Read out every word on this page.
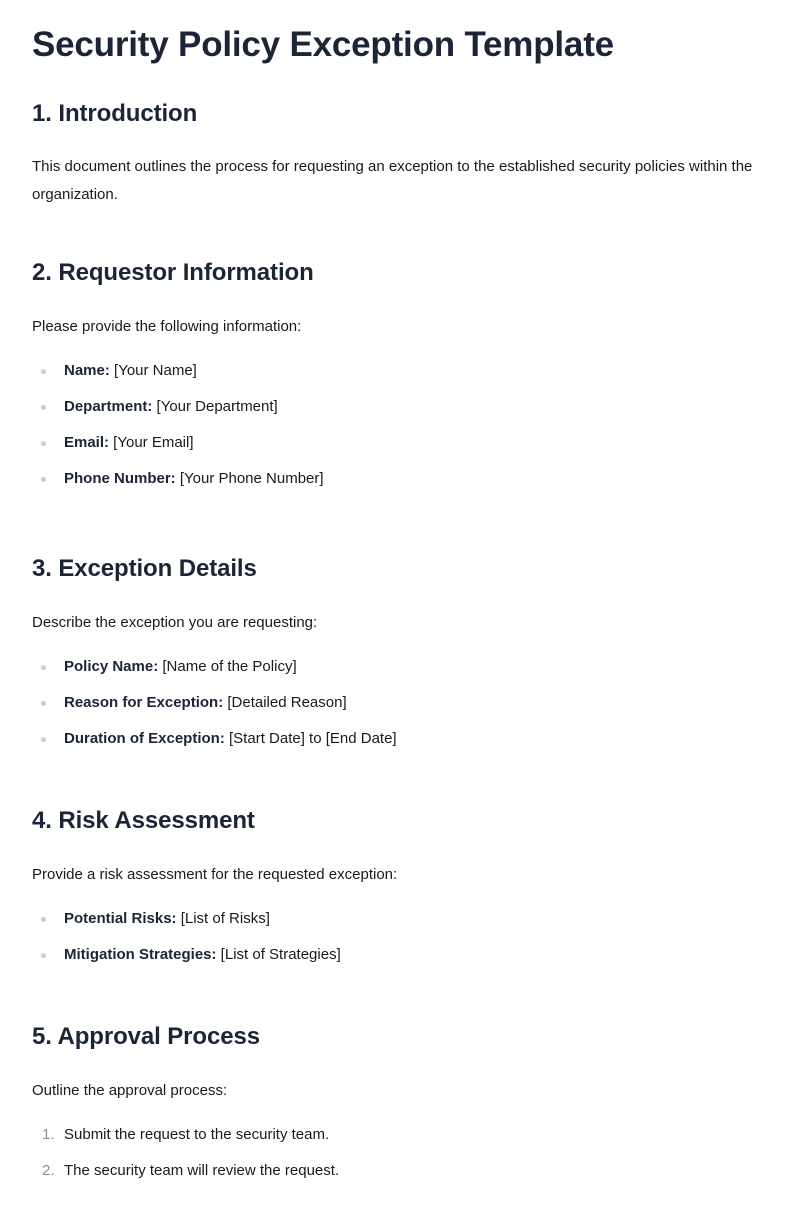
Security Policy Exception Template
1. Introduction

This document outlines the process for requesting an exception to the established security policies within the organization.

2. Requestor Information

Please provide the following information:

Name: [Your Name]
Department: [Your Department]
Email: [Your Email]
Phone Number: [Your Phone Number]
3. Exception Details

Describe the exception you are requesting:

Policy Name: [Name of the Policy]
Reason for Exception: [Detailed Reason]
Duration of Exception: [Start Date] to [End Date]
4. Risk Assessment

Provide a risk assessment for the requested exception:

Potential Risks: [List of Risks]
Mitigation Strategies: [List of Strategies]
5. Approval Process

Outline the approval process:

1. Submit the request to the security team.
2. The security team will review the request.
